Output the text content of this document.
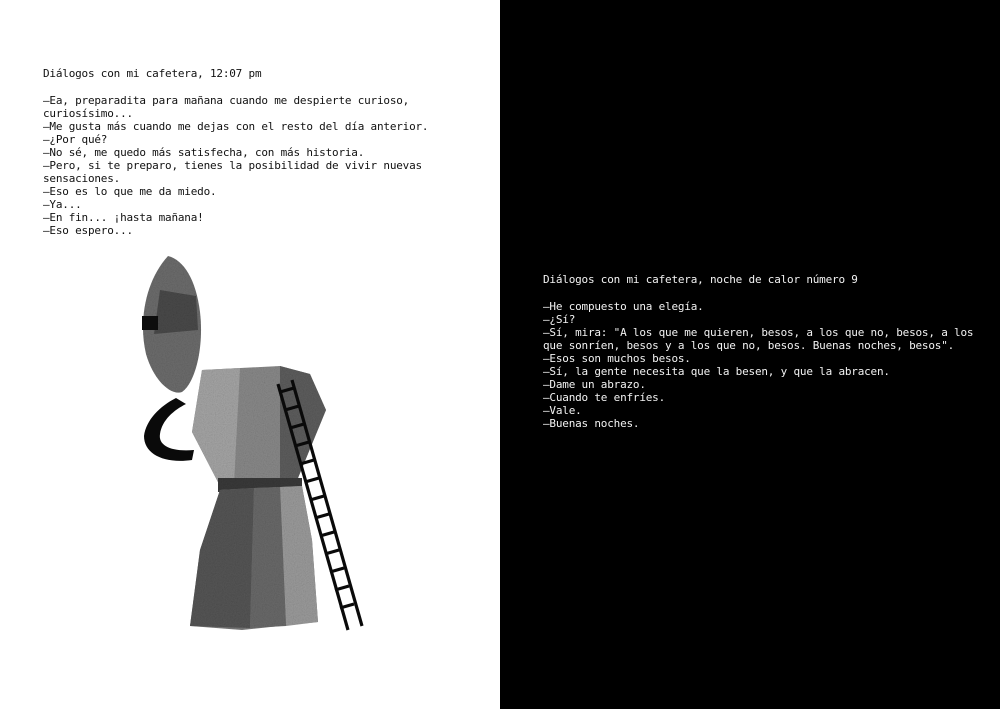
Diálogos con mi cafetera, 12:07 pm

—Ea, preparadita para mañana cuando me despierte curioso, curiosísimo...

—Me gusta más cuando me dejas con el resto del día anterior.

—¿Por qué?

—No sé, me quedo más satisfecha, con más historia.

—Pero, si te preparo, tienes la posibilidad de vivir nuevas sensaciones.

—Eso es lo que me da miedo.

—Ya...

—En fin... ¡hasta mañana!

—Eso espero...

Diálogos con mi cafetera, noche de calor número 9

—He compuesto una elegía.

—¿Sí?

—Sí, mira: "A los que me quieren, besos, a los que no, besos, a los que sonríen, besos y a los que no, besos. Buenas noches, besos".

—Esos son muchos besos.

—Sí, la gente necesita que la besen, y que la abracen.

—Dame un abrazo.

—Cuando te enfríes.

—Vale.

—Buenas noches.
